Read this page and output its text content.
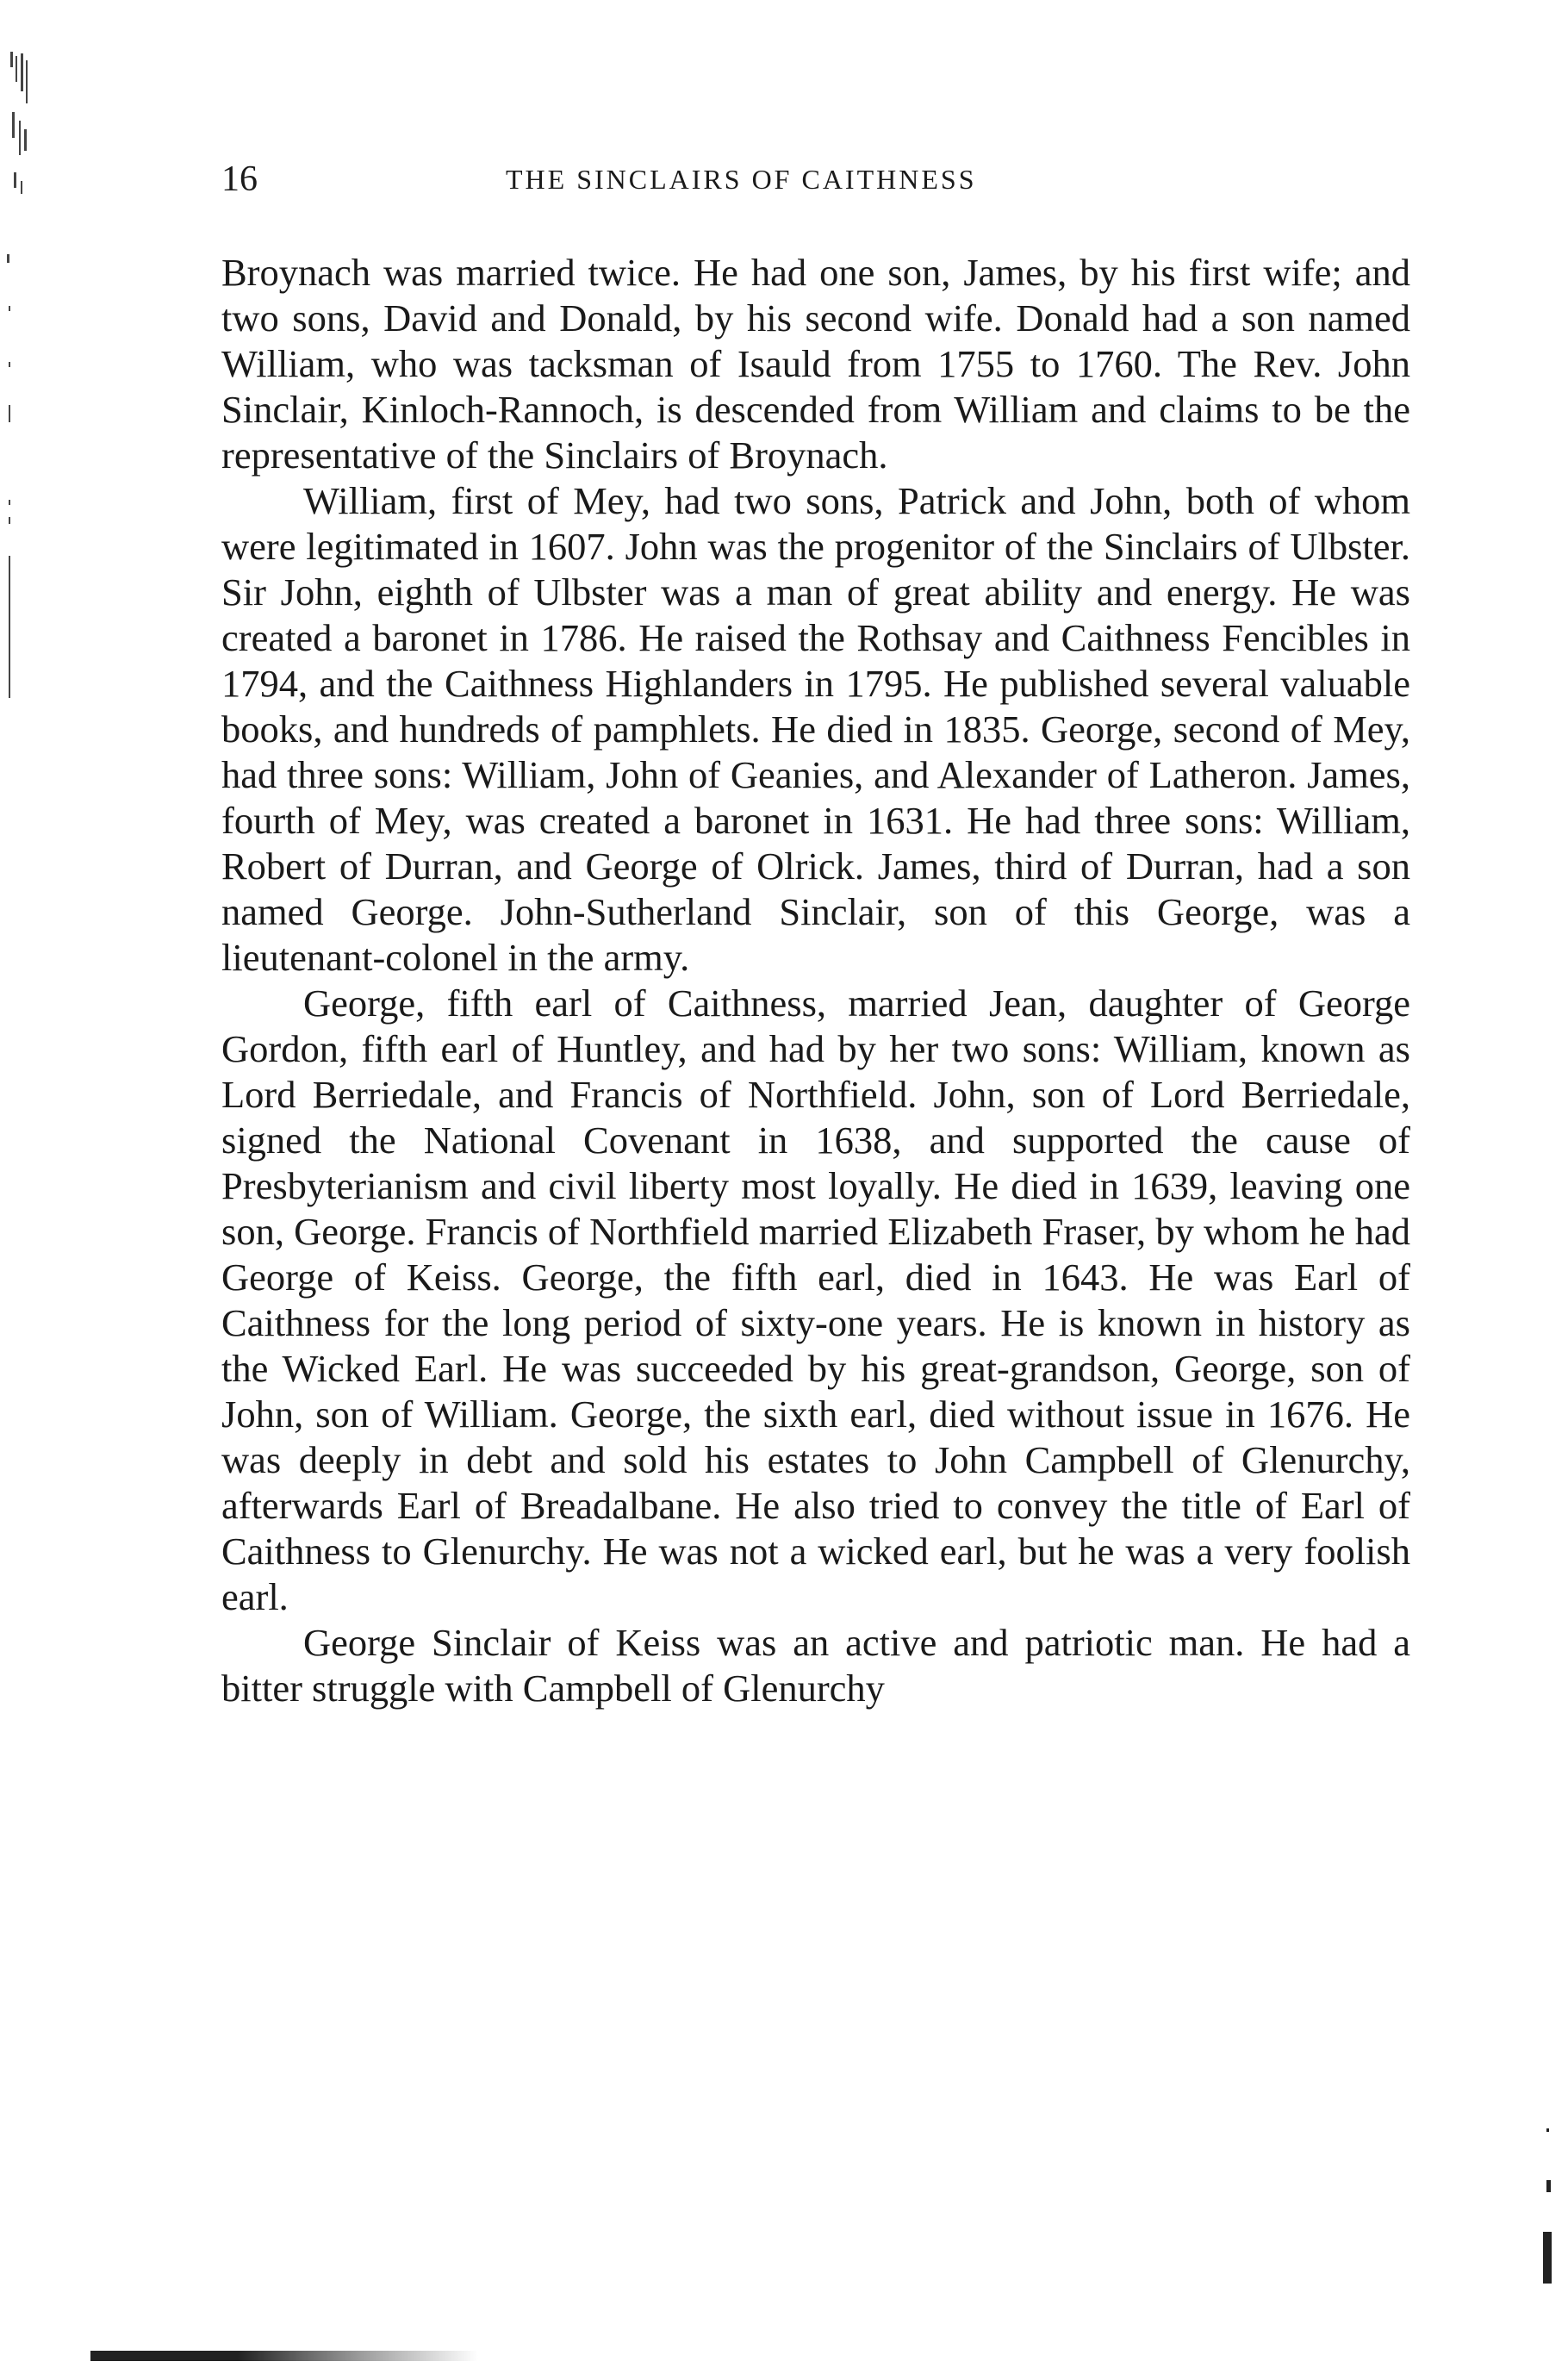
16	THE SINCLAIRS OF CAITHNESS

Broynach was married twice. He had one son, James, by his first wife; and two sons, David and Donald, by his second wife. Donald had a son named William, who was tacksman of Isauld from 1755 to 1760. The Rev. John Sinclair, Kinloch-Rannoch, is descended from William and claims to be the representative of the Sinclairs of Broynach.

William, first of Mey, had two sons, Patrick and John, both of whom were legitimated in 1607. John was the progenitor of the Sinclairs of Ulbster. Sir John, eighth of Ulbster was a man of great ability and energy. He was created a baronet in 1786. He raised the Rothsay and Caithness Fencibles in 1794, and the Caithness Highlanders in 1795. He published several valuable books, and hundreds of pamphlets. He died in 1835. George, second of Mey, had three sons: William, John of Geanies, and Alexander of Latheron. James, fourth of Mey, was created a baronet in 1631. He had three sons: William, Robert of Durran, and George of Olrick. James, third of Durran, had a son named George. John-Sutherland Sinclair, son of this George, was a lieutenant-colonel in the army.

George, fifth earl of Caithness, married Jean, daughter of George Gordon, fifth earl of Huntley, and had by her two sons: William, known as Lord Berriedale, and Francis of Northfield. John, son of Lord Berriedale, signed the National Covenant in 1638, and supported the cause of Presbyterianism and civil liberty most loyally. He died in 1639, leaving one son, George. Francis of Northfield married Elizabeth Fraser, by whom he had George of Keiss. George, the fifth earl, died in 1643. He was Earl of Caithness for the long period of sixty-one years. He is known in history as the Wicked Earl. He was succeeded by his great-grandson, George, son of John, son of William. George, the sixth earl, died without issue in 1676. He was deeply in debt and sold his estates to John Campbell of Glenurchy, afterwards Earl of Breadalbane. He also tried to convey the title of Earl of Caithness to Glenurchy. He was not a wicked earl, but he was a very foolish earl.

George Sinclair of Keiss was an active and patriotic man. He had a bitter struggle with Campbell of Glenurchy
